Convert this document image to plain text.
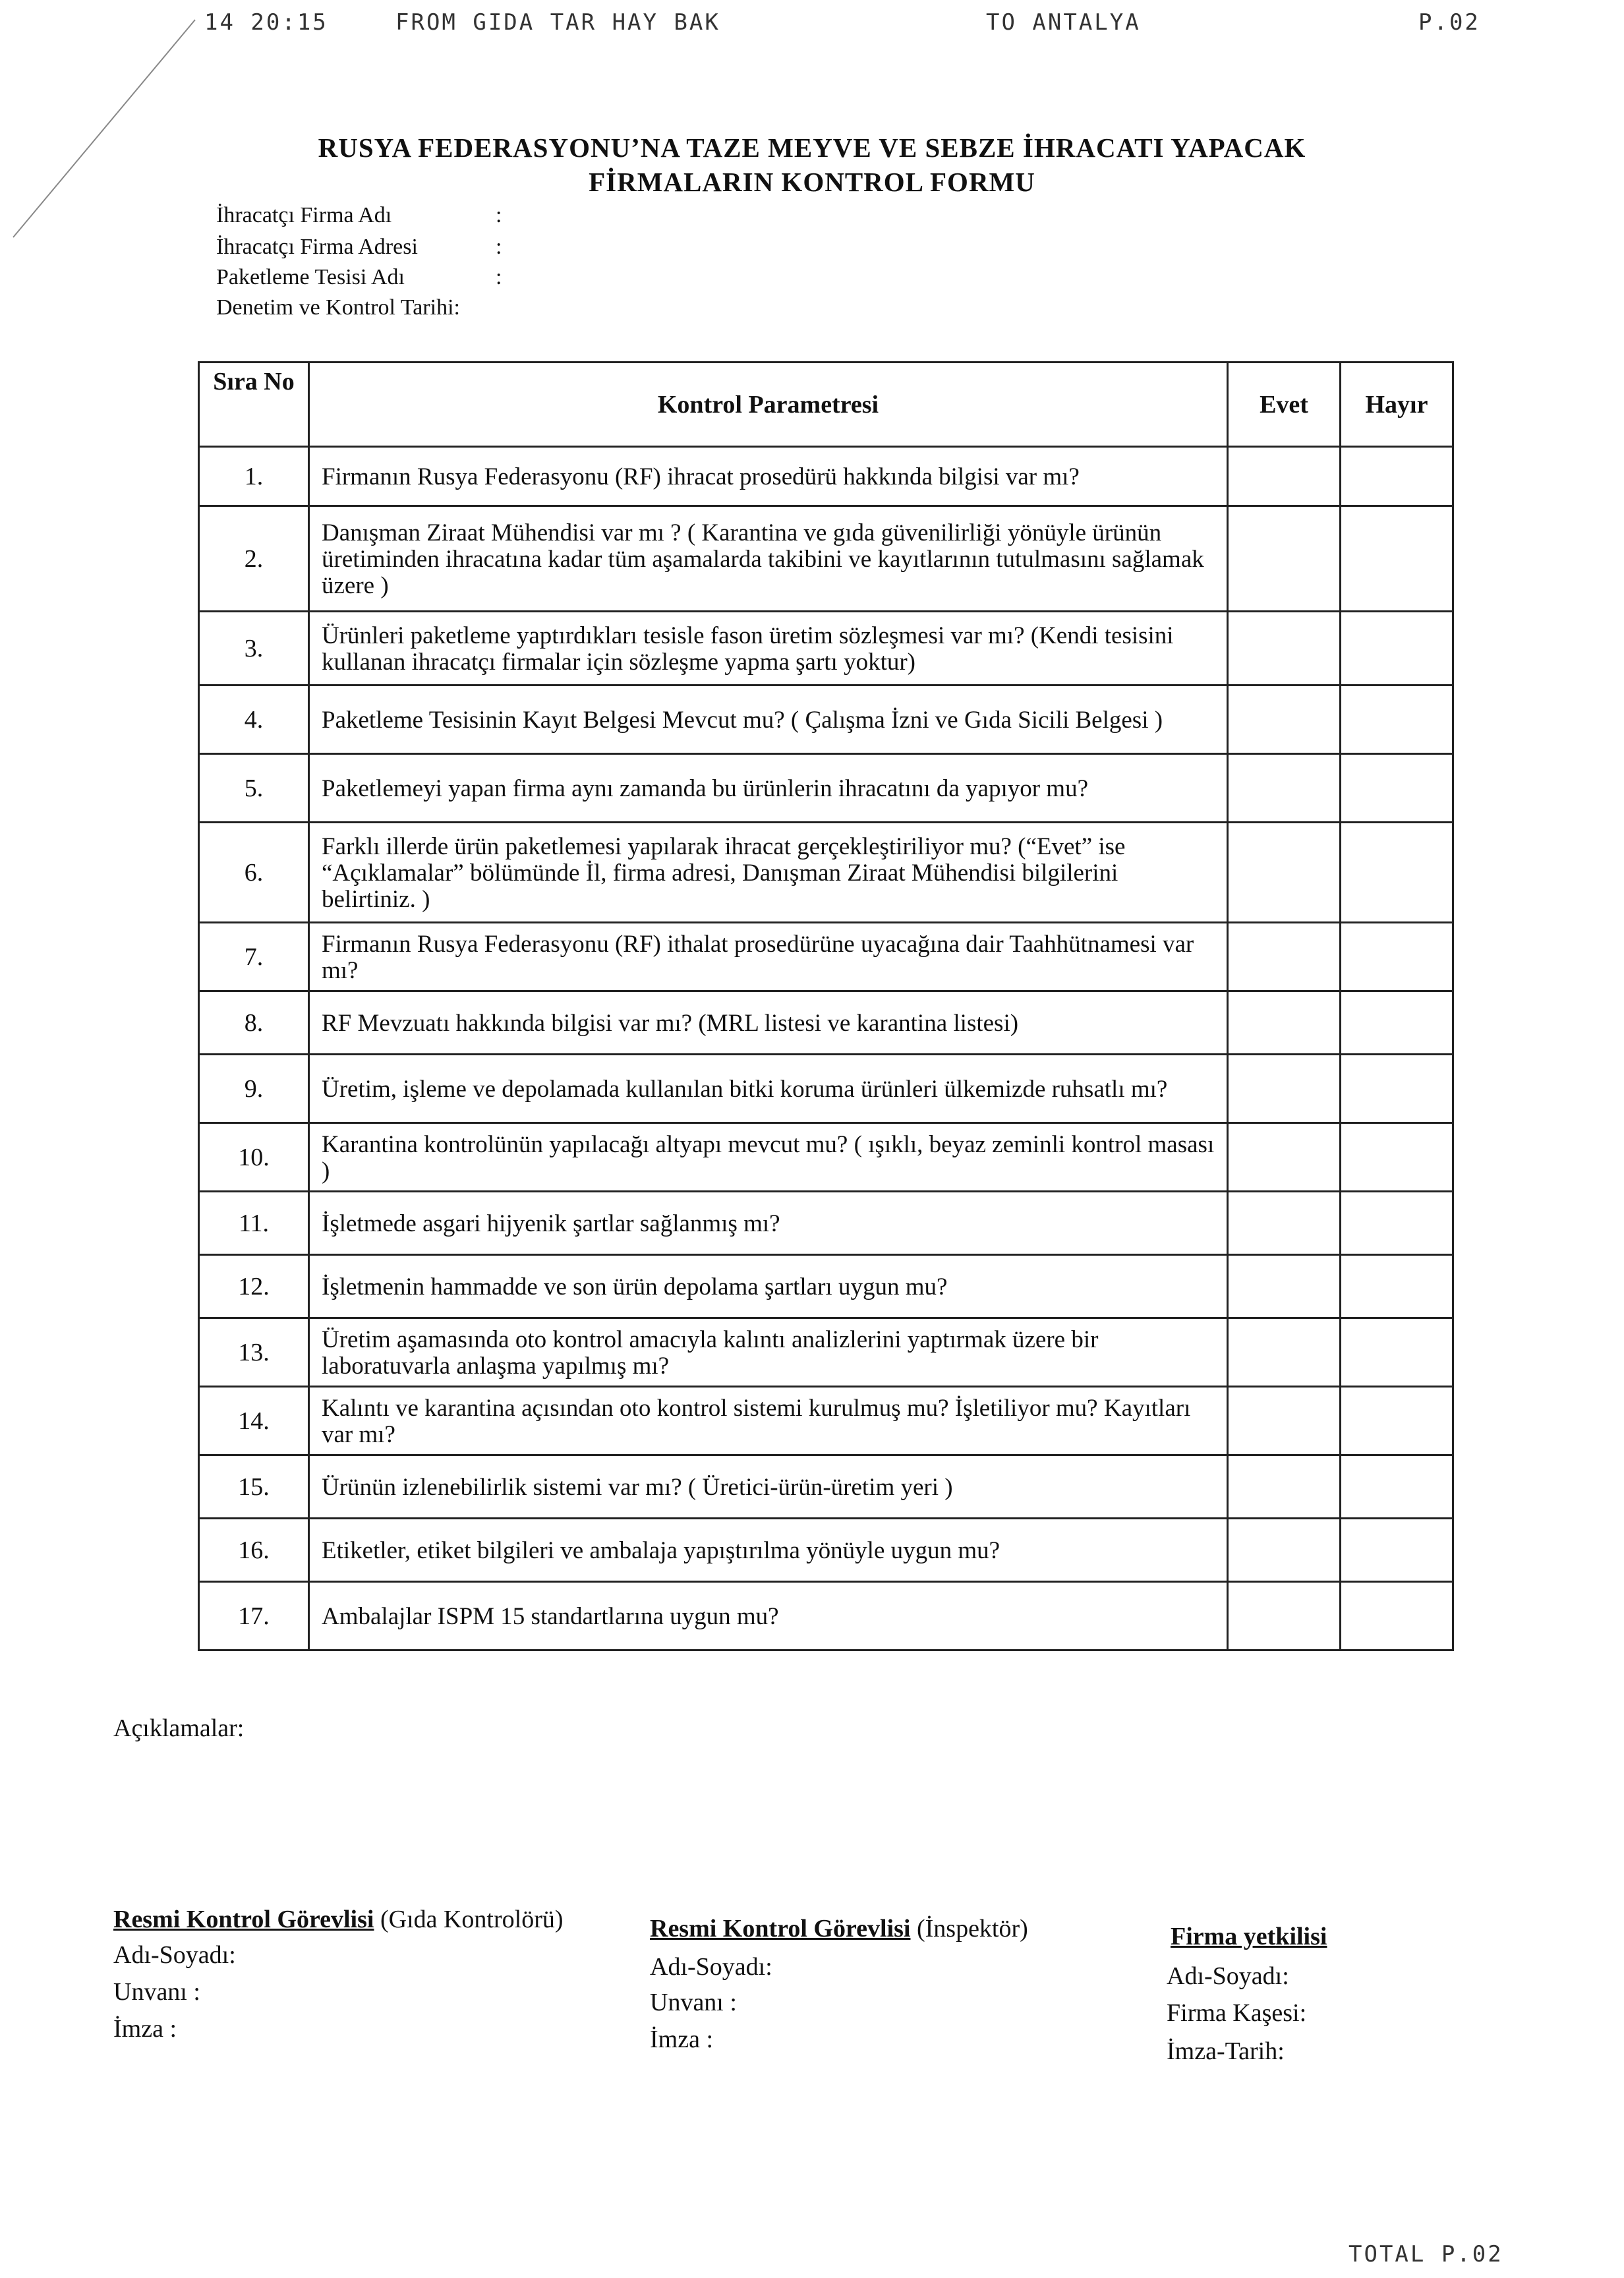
14 20:15	FROM GIDA TAR HAY BAK	TO ANTALYA	P.02
RUSYA FEDERASYONU’NA TAZE MEYVE VE SEBZE İHRACATI YAPACAK
FİRMALARIN KONTROL FORMU
İhracatçı Firma Adı	:
İhracatçı Firma Adresi	:
Paketleme Tesisi Adı	:
Denetim ve Kontrol Tarihi:
Sıra No	Kontrol Parametresi	Evet	Hayır
1.	Firmanın Rusya Federasyonu (RF) ihracat prosedürü hakkında bilgisi var mı?		
2.	Danışman Ziraat Mühendisi var mı ? ( Karantina ve gıda güvenilirliği yönüyle ürünün üretiminden ihracatına kadar tüm aşamalarda takibini ve kayıtlarının tutulmasını sağlamak üzere )		
3.	Ürünleri paketleme yaptırdıkları tesisle fason üretim sözleşmesi var mı? (Kendi tesisini kullanan ihracatçı firmalar için sözleşme yapma şartı yoktur)		
4.	Paketleme Tesisinin Kayıt Belgesi Mevcut mu? ( Çalışma İzni ve Gıda Sicili Belgesi )		
5.	Paketlemeyi yapan firma aynı zamanda bu ürünlerin ihracatını da yapıyor mu?		
6.	Farklı illerde ürün paketlemesi yapılarak ihracat gerçekleştiriliyor mu? (“Evet” ise “Açıklamalar” bölümünde İl, firma adresi, Danışman Ziraat Mühendisi bilgilerini belirtiniz. )		
7.	Firmanın Rusya Federasyonu (RF) ithalat prosedürüne uyacağına dair Taahhütnamesi var mı?		
8.	RF Mevzuatı hakkında bilgisi var mı? (MRL listesi ve karantina listesi)		
9.	Üretim, işleme ve depolamada kullanılan bitki koruma ürünleri ülkemizde ruhsatlı mı?		
10.	Karantina kontrolünün yapılacağı altyapı mevcut mu? ( ışıklı, beyaz zeminli kontrol masası )		
11.	İşletmede asgari hijyenik şartlar sağlanmış mı?		
12.	İşletmenin hammadde ve son ürün depolama şartları uygun mu?		
13.	Üretim aşamasında oto kontrol amacıyla kalıntı analizlerini yaptırmak üzere bir laboratuvarla anlaşma yapılmış mı?		
14.	Kalıntı ve karantina açısından oto kontrol sistemi kurulmuş mu? İşletiliyor mu? Kayıtları var mı?		
15.	Ürünün izlenebilirlik sistemi var mı? ( Üretici-ürün-üretim yeri )		
16.	Etiketler, etiket bilgileri ve ambalaja yapıştırılma yönüyle uygun mu?		
17.	Ambalajlar ISPM 15 standartlarına uygun mu?		
Açıklamalar:
Resmi Kontrol Görevlisi (Gıda Kontrolörü)
Adı-Soyadı:
Unvanı :
İmza :
Resmi Kontrol Görevlisi (İnspektör)
Adı-Soyadı:
Unvanı :
İmza :
Firma yetkilisi
Adı-Soyadı:
Firma Kaşesi:
İmza-Tarih:
TOTAL P.02
